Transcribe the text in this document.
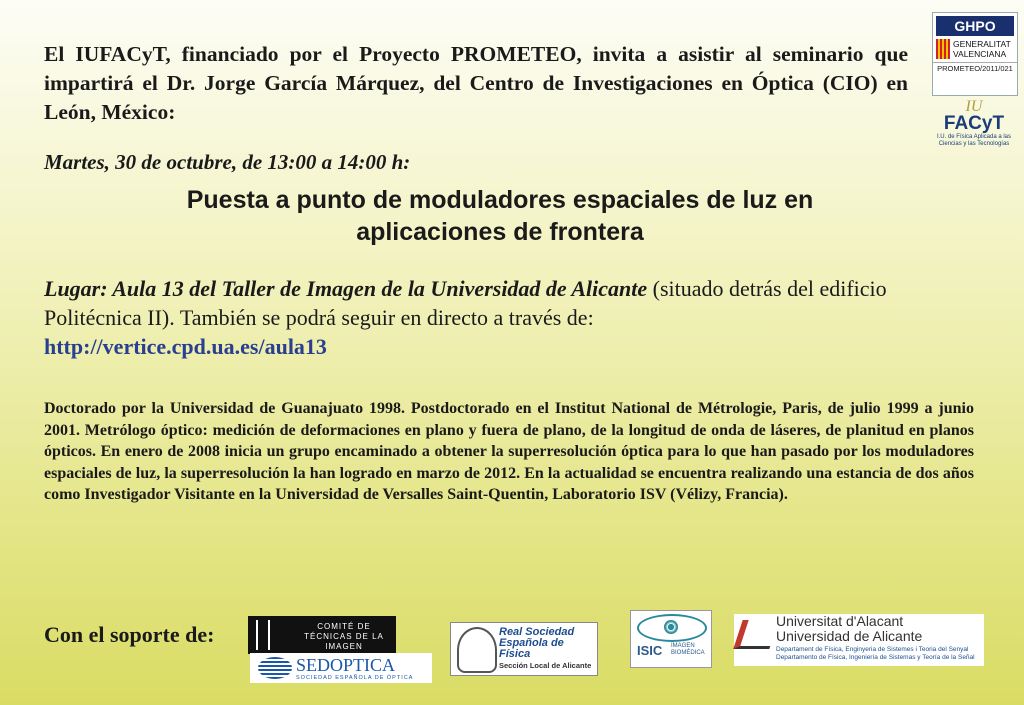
El IUFACyT, financiado por el Proyecto PROMETEO, invita a asistir al seminario que impartirá el Dr. Jorge García Márquez, del Centro de Investigaciones en Óptica (CIO) en León, México:
Martes, 30 de octubre, de 13:00 a 14:00 h:
Puesta a punto de moduladores espaciales de luz en
aplicaciones de frontera
Lugar: Aula 13 del Taller de Imagen de la Universidad de Alicante (situado detrás del edificio Politécnica II). También se podrá seguir en directo a través de:
http://vertice.cpd.ua.es/aula13
Doctorado por la Universidad de Guanajuato 1998. Postdoctorado en el Institut National de Métrologie, Paris, de julio 1999 a junio 2001. Metrólogo óptico: medición de deformaciones en plano y fuera de plano, de la longitud de onda de láseres, de planitud en planos ópticos. En enero de 2008 inicia un grupo encaminado a obtener la superresolución óptica para lo que han pasado por los moduladores espaciales de luz, la superresolución la han logrado en marzo de 2012. En la actualidad se encuentra realizando una estancia de dos años como Investigador Visitante en la Universidad de Versalles Saint-Quentin, Laboratorio ISV (Vélizy, Francia).
Con el soporte de:
GHPO
GENERALITAT
VALENCIANA
PROMETEO/2011/021
IU
FACyT
I.U. de Física Aplicada a las Ciencias y las Tecnologías
COMITÉ DE TÉCNICAS DE LA IMAGEN
SEDOPTICA
SOCIEDAD ESPAÑOLA DE ÓPTICA
Real Sociedad Española de Física
Sección Local de Alicante
ISIC IMAGEN BIOMÉDICA
Universitat d'Alacant
Universidad de Alicante
Departament de Física, Enginyeria de Sistemes i Teoria del Senyal
Departamento de Física, Ingeniería de Sistemas y Teoría de la Señal
